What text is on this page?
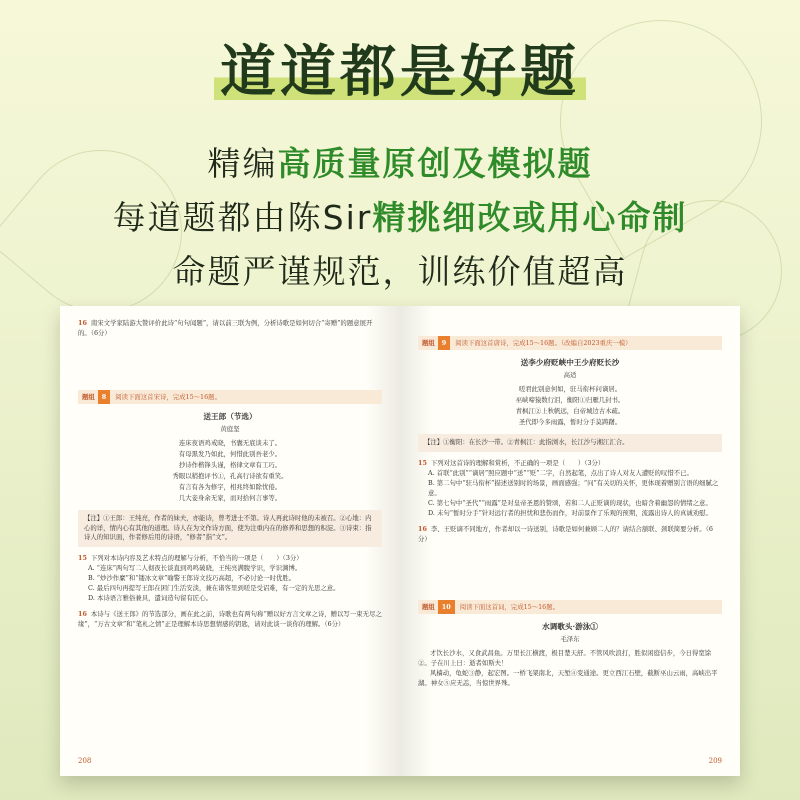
道道都是好题
精编高质量原创及模拟题
每道题都由陈Sir精挑细改或用心命制
命题严谨规范，训练价值超高
16 南宋文学家陆游大赞评价此诗“句句闻题”，请以前三联为例，分析诗歌是如何切合“寄赠”的题意展开的。（6分）
题组	8	阅读下面这首宋诗，完成15～16题。
送王郎（节选）
黄庭坚
连床夜语鸡戒晓，书囊无底谈未了。
有母黑发乃如此，何惜此别吾老少。
抄诗作楷锋头谨，格律文章有工巧。
秀眼以稍抱评书①，孔高行诗欲有重笑。
有言有各为修宇，相兆终如除忧倦。
几大妾身余无家，而对拾何言事等。
【注】①王郎：王纯亮，作者的妹夫，亦能诗，曾考进士不第。诗人再此诗时他的未被召。②心地：内心的详，情内心有其他的道理。诗人在为文作诗方面，使为注重内在的修养和思想的积淀。③诗束：指诗人的知识面，作者修后用的诗语，“修者”指“文”。
15 下列对本诗内容及艺术特点的理解与分析，不恰当的一项是（　　）（3分）
A. “连床”两句写二人彻夜长谈直到鸡鸣破晓，王纯亮满腹学识，学识渊博。
B. “炒沙作縻”和“镂冰文章”喻警王郎诗文技巧高超，不必讨论一时优胜。
C. 最后四句再提写王郎在困门生活安淡，兼在诸客里到嗟是受诏难，有一定的光思之意。
D. 本诗语言雅俗兼具，遣词造句留有匠心。
16 本诗与《送王郎》的节选部分，画在此之前，诗歌也有两句称“赠以好方言文章之诗，赠以写一束无尽之缘”，“万古文章”和“笔札之情”正是理解本诗思想情感的钥匙，请对此谈一谈你的理解。（6分）
208
题组	9	阅读下面这首唐诗，完成15～16题。（改编自2023重庆一模）
送李少府贬峡中王少府贬长沙
高适
嗟君此别意何如，驻马衔杯问谪居。
巫峡啼猿数行泪，衡阳①归雁几封书。
青枫江②上秋帆远，白帝城边古木疏。
圣代即今多雨露，暂时分手莫踌躇。
【注】①衡阳：在长沙一带。②青枫江：此指浏水，长江沙与湘江汇合。
15 下列对这首诗的理解和赏析，不正确的一项是（　　）（3分）
A. 首联“此别”“谪居”照应题中“送”“贬”二字，自然起笔，点出了诗人对友人遭贬的叹惜不已。
B. 第二句中“驻马衔杯”描述送别时的场景，画面感强；“问”有关切的关怀，更体现着赠别言语的细腻之意。
C. 第七句中“圣代”“雨露”是对皇帝圣恩的赞颂，若和二人正贬谪的现状，也暗含着幽怨的情绪之意。
D. 末句“暂时分手”针对远行者的担忧和悲伤而作，对前景作了乐观的预期，流露出诗人的真诚劝慰。
16 李、王贬谪不同地方，作者却以一诗送别，诗歌是如何兼顾二人的？请结合颔联、颈联简要分析。（6分）
题组	10	阅读下面这首词，完成15～16题。
水调歌头·游泳①
毛泽东
才饮长沙水，又食武昌鱼。万里长江横渡，极目楚天舒。不管风吹浪打，胜似闲庭信步，今日得宽馀②。子在川上曰：逝者如斯夫！
风樯动，龟蛇③静，起宏图。一桥飞架南北，天堑④变通途。更立西江石壁，截断巫山云雨，高峡出平湖。神女⑤应无恙，当惊世界殊。
209
